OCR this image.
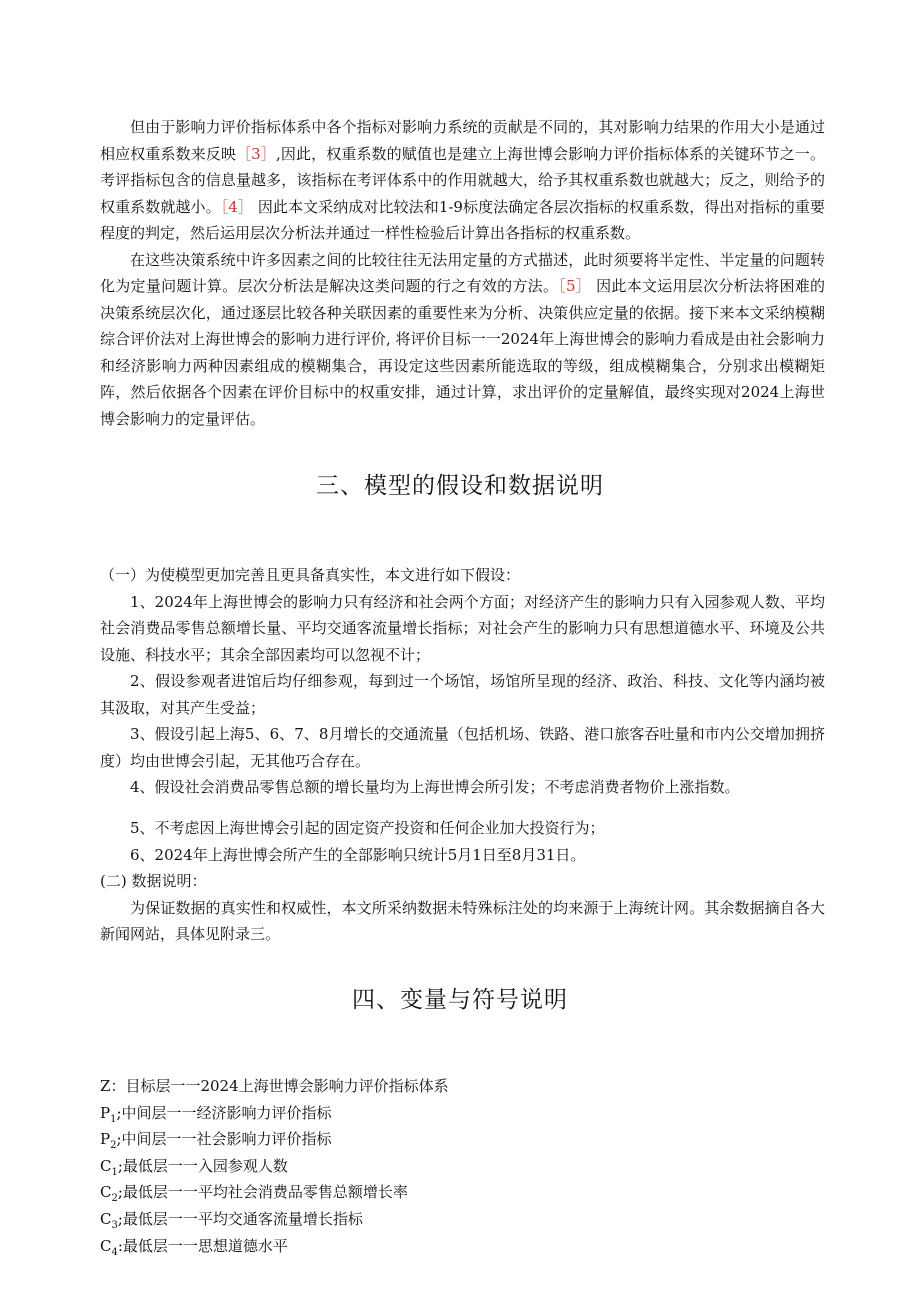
但由于影响力评价指标体系中各个指标对影响力系统的贡献是不同的，其对影响力结果的作用大小是通过相应权重系数来反映［3］,因此，权重系数的赋值也是建立上海世博会影响力评价指标体系的关键环节之一。考评指标包含的信息量越多，该指标在考评体系中的作用就越大，给予其权重系数也就越大；反之，则给予的权重系数就越小。［4］ 因此本文采纳成对比较法和1-9标度法确定各层次指标的权重系数，得出对指标的重要程度的判定，然后运用层次分析法并通过一样性检验后计算出各指标的权重系数。

在这些决策系统中许多因素之间的比较往往无法用定量的方式描述，此时须要将半定性、半定量的问题转化为定量问题计算。层次分析法是解决这类问题的行之有效的方法。［5］ 因此本文运用层次分析法将困难的决策系统层次化，通过逐层比较各种关联因素的重要性来为分析、决策供应定量的依据。接下来本文采纳模糊综合评价法对上海世博会的影响力进行评价, 将评价目标一一2024年上海世博会的影响力看成是由社会影响力和经济影响力两种因素组成的模糊集合，再设定这些因素所能选取的等级，组成模糊集合，分别求出模糊矩阵，然后依据各个因素在评价目标中的权重安排，通过计算，求出评价的定量解值，最终实现对2024上海世博会影响力的定量评估。

三、模型的假设和数据说明

（一）为使模型更加完善且更具备真实性，本文进行如下假设：

1、2024年上海世博会的影响力只有经济和社会两个方面；对经济产生的影响力只有入园参观人数、平均社会消费品零售总额增长量、平均交通客流量增长指标；对社会产生的影响力只有思想道德水平、环境及公共设施、科技水平；其余全部因素均可以忽视不计；

2、假设参观者进馆后均仔细参观，每到过一个场馆，场馆所呈现的经济、政治、科技、文化等内涵均被其汲取，对其产生受益；

3、假设引起上海5、6、7、8月增长的交通流量（包括机场、铁路、港口旅客吞吐量和市内公交增加拥挤度）均由世博会引起，无其他巧合存在。

4、假设社会消费品零售总额的增长量均为上海世博会所引发；不考虑消费者物价上涨指数。

5、不考虑因上海世博会引起的固定资产投资和任何企业加大投资行为；

6、2024年上海世博会所产生的全部影响只统计5月1日至8月31日。

(二) 数据说明：

为保证数据的真实性和权威性，本文所采纳数据未特殊标注处的均来源于上海统计网。其余数据摘自各大新闻网站，具体见附录三。

四、变量与符号说明
Z：目标层一一2024上海世博会影响力评价指标体系
$P_1$;中间层一一经济影响力评价指标
$P_2$;中间层一一社会影响力评价指标
$C_1$;最低层一一入园参观人数
$C_2$;最低层一一平均社会消费品零售总额增长率
$C_3$;最低层一一平均交通客流量增长指标
$C_4$:最低层一一思想道德水平
